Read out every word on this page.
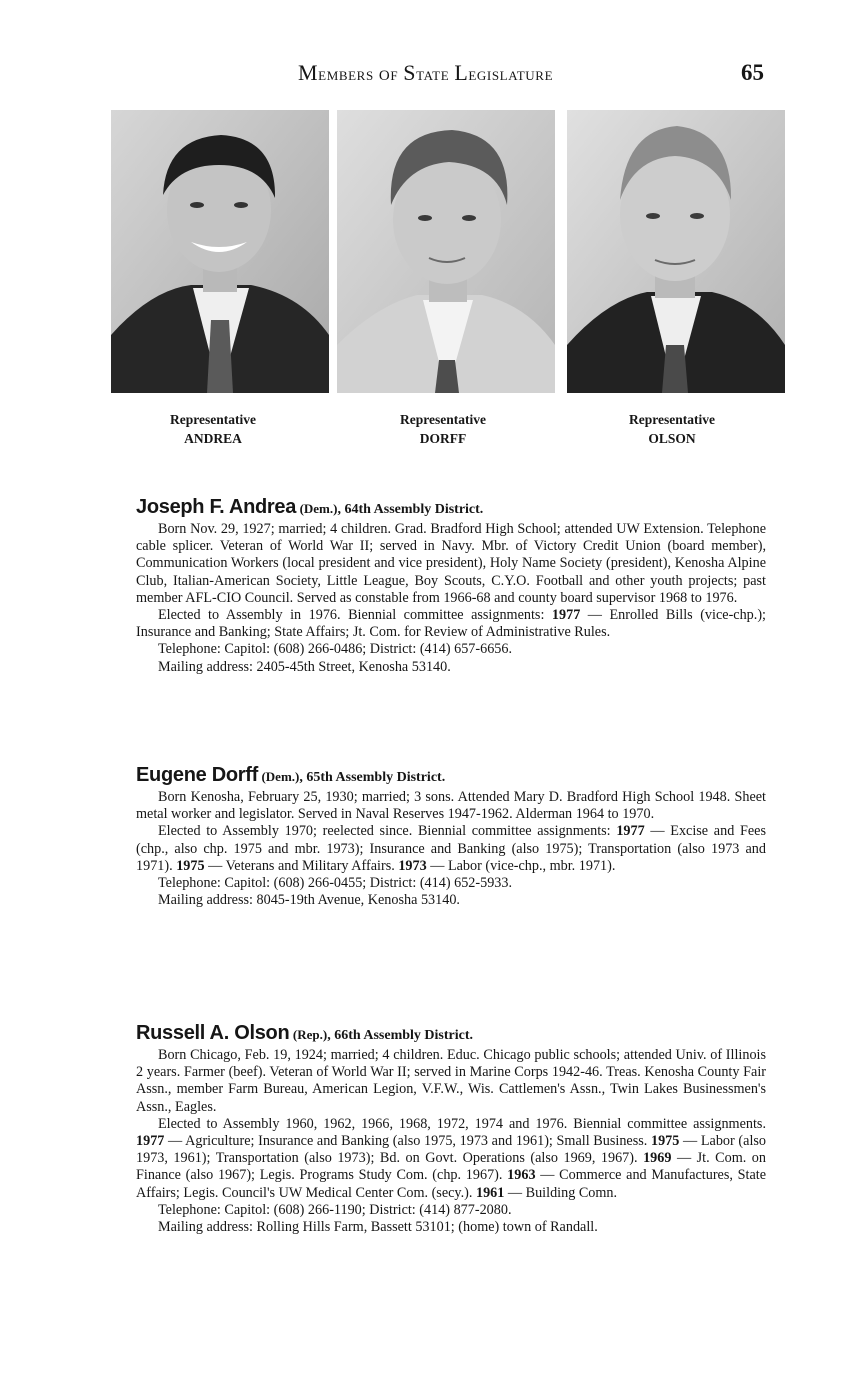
Members of State Legislature	65
Representative
ANDREA
Representative
DORFF
Representative
OLSON
Joseph F. Andrea (Dem.), 64th Assembly District.

Born Nov. 29, 1927; married; 4 children. Grad. Bradford High School; attended UW Extension. Telephone cable splicer. Veteran of World War II; served in Navy. Mbr. of Victory Credit Union (board member), Communication Workers (local president and vice president), Holy Name Society (president), Kenosha Alpine Club, Italian-American Society, Little League, Boy Scouts, C.Y.O. Football and other youth projects; past member AFL-CIO Council. Served as constable from 1966-68 and county board supervisor 1968 to 1976.

Elected to Assembly in 1976. Biennial committee assignments: 1977 — Enrolled Bills (vice-chp.); Insurance and Banking; State Affairs; Jt. Com. for Review of Administrative Rules.

Telephone: Capitol: (608) 266-0486; District: (414) 657-6656.

Mailing address: 2405-45th Street, Kenosha 53140.

Eugene Dorff (Dem.), 65th Assembly District.

Born Kenosha, February 25, 1930; married; 3 sons. Attended Mary D. Bradford High School 1948. Sheet metal worker and legislator. Served in Naval Reserves 1947-1962. Alderman 1964 to 1970.

Elected to Assembly 1970; reelected since. Biennial committee assignments: 1977 — Excise and Fees (chp., also chp. 1975 and mbr. 1973); Insurance and Banking (also 1975); Transportation (also 1973 and 1971). 1975 — Veterans and Military Affairs. 1973 — Labor (vice-chp., mbr. 1971).

Telephone: Capitol: (608) 266-0455; District: (414) 652-5933.

Mailing address: 8045-19th Avenue, Kenosha 53140.

Russell A. Olson (Rep.), 66th Assembly District.

Born Chicago, Feb. 19, 1924; married; 4 children. Educ. Chicago public schools; attended Univ. of Illinois 2 years. Farmer (beef). Veteran of World War II; served in Marine Corps 1942-46. Treas. Kenosha County Fair Assn., member Farm Bureau, American Legion, V.F.W., Wis. Cattlemen's Assn., Twin Lakes Businessmen's Assn., Eagles.

Elected to Assembly 1960, 1962, 1966, 1968, 1972, 1974 and 1976. Biennial committee assignments. 1977 — Agriculture; Insurance and Banking (also 1975, 1973 and 1961); Small Business. 1975 — Labor (also 1973, 1961); Transportation (also 1973); Bd. on Govt. Operations (also 1969, 1967). 1969 — Jt. Com. on Finance (also 1967); Legis. Programs Study Com. (chp. 1967). 1963 — Commerce and Manufactures, State Affairs; Legis. Council's UW Medical Center Com. (secy.). 1961 — Building Comn.

Telephone: Capitol: (608) 266-1190; District: (414) 877-2080.

Mailing address: Rolling Hills Farm, Bassett 53101; (home) town of Randall.
